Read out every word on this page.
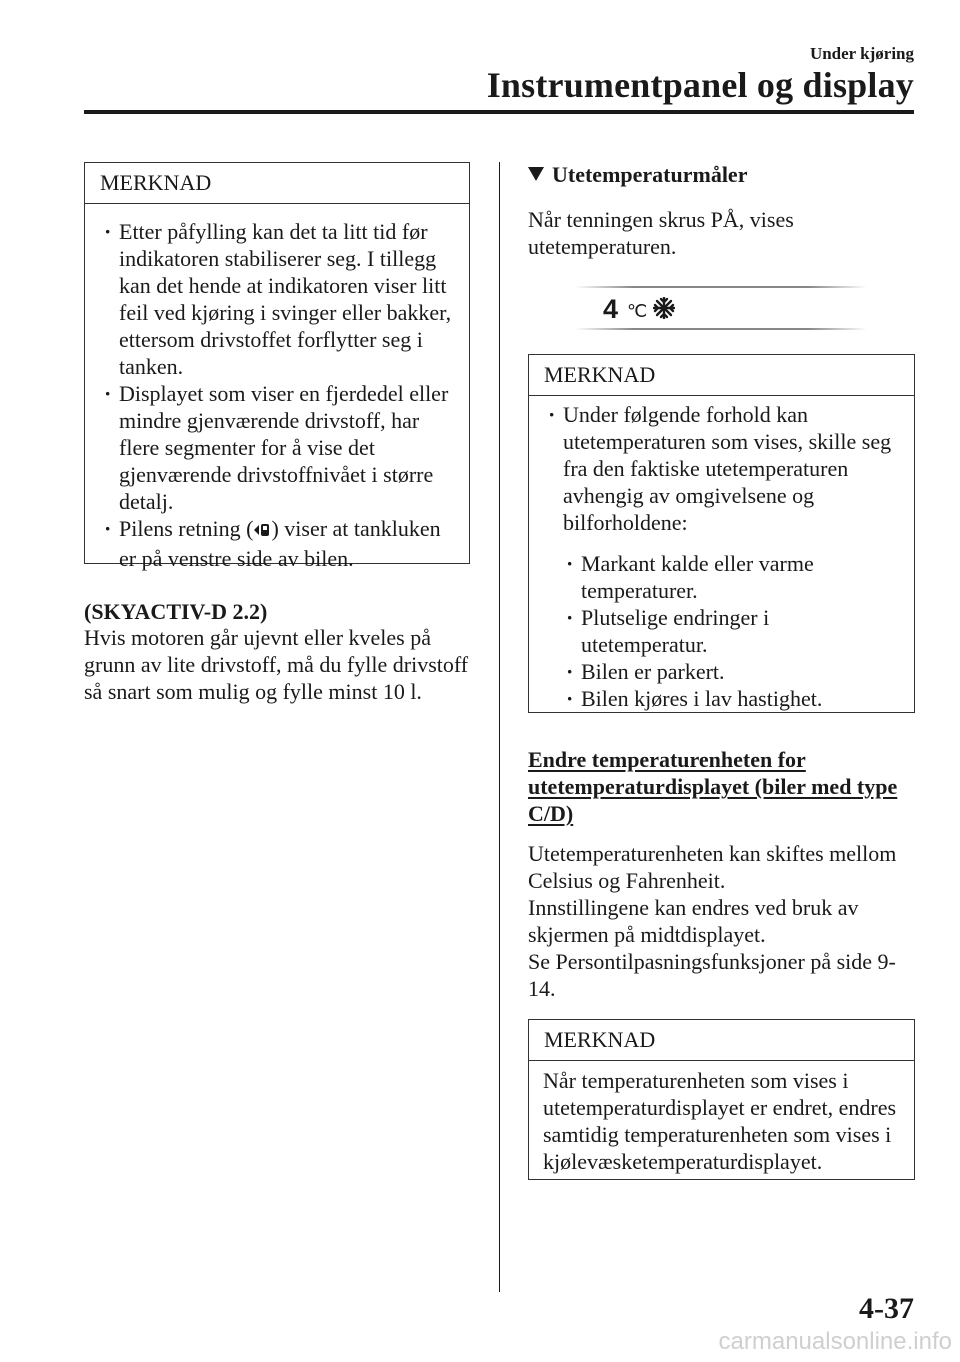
Under kjøring
Instrumentpanel og display
MERKNAD
· Etter påfylling kan det ta litt tid før indikatoren stabiliserer seg. I tillegg kan det hende at indikatoren viser litt feil ved kjøring i svinger eller bakker, ettersom drivstoffet forflytter seg i tanken.
· Displayet som viser en fjerdedel eller mindre gjenværende drivstoff, har flere segmenter for å vise det gjenværende drivstoffnivået i større detalj.
· Pilens retning ( ) viser at tankluken er på venstre side av bilen.
(SKYACTIV-D 2.2)
Hvis motoren går ujevnt eller kveles på grunn av lite drivstoff, må du fylle drivstoff så snart som mulig og fylle minst 10 l.
Utetemperaturmåler
Når tenningen skrus PÅ, vises utetemperaturen.
4 ℃
MERKNAD
· Under følgende forhold kan utetemperaturen som vises, skille seg fra den faktiske utetemperaturen avhengig av omgivelsene og bilforholdene:
· Markant kalde eller varme temperaturer.
· Plutselige endringer i utetemperatur.
· Bilen er parkert.
· Bilen kjøres i lav hastighet.
Endre temperaturenheten for
utetemperaturdisplayet (biler med type
C/D)
Utetemperaturenheten kan skiftes mellom Celsius og Fahrenheit.
Innstillingene kan endres ved bruk av skjermen på midtdisplayet.
Se Persontilpasningsfunksjoner på side 9-14.
MERKNAD
Når temperaturenheten som vises i utetemperaturdisplayet er endret, endres samtidig temperaturenheten som vises i kjølevæsketemperaturdisplayet.
4-37
carmanualsonline.info
